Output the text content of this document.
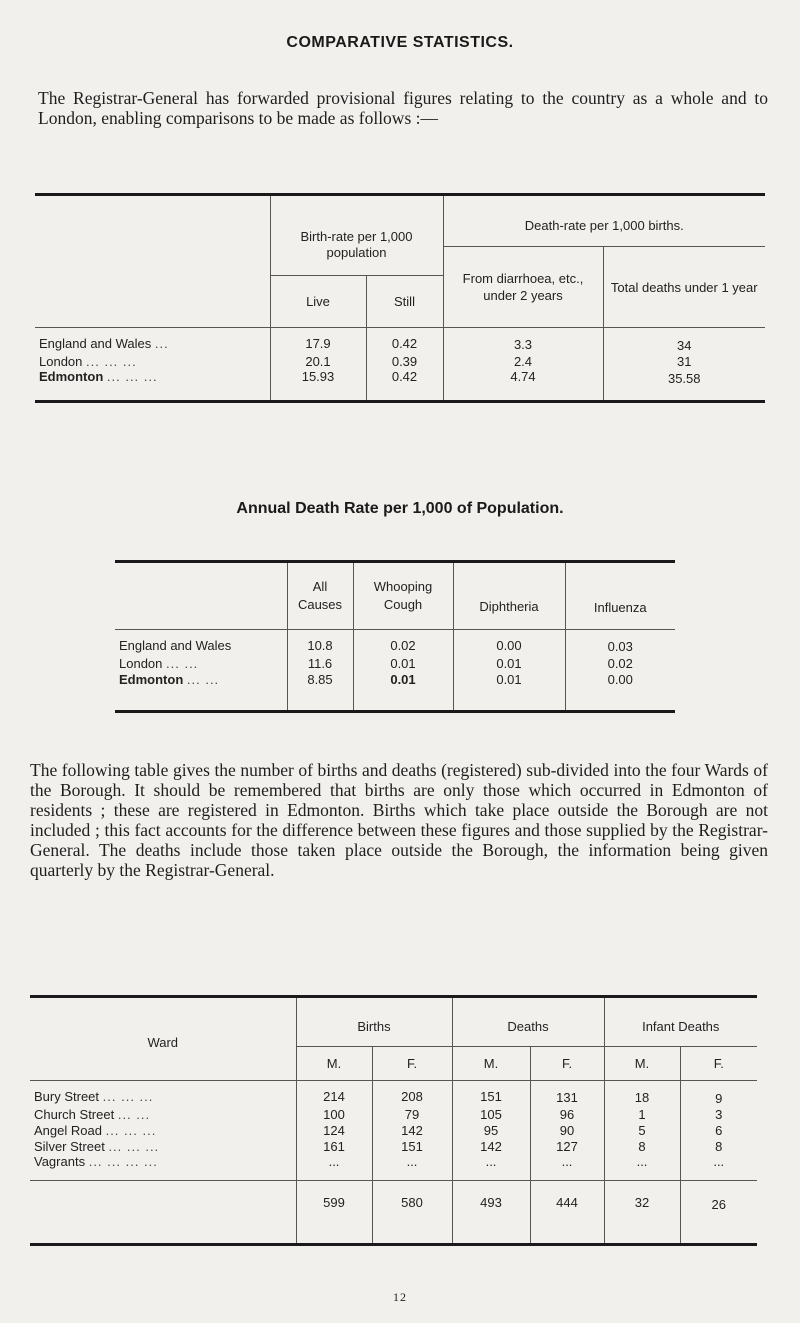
COMPARATIVE STATISTICS.

The Registrar-General has forwarded provisional figures relating to the country as a whole and to London, enabling comparisons to be made as follows :—

	Birth-rate per 1,000 population		Death-rate per 1,000 births.	
			From diarrhoea, etc., under 2 years	Total deaths under 1 year
	Live	Still		
England and Wales ...	17.9	0.42	3.3	34
London ... ... ...	20.1	0.39	2.4	31
Edmonton ... ... ...	15.93	0.42	4.74	35.58
Annual Death Rate per 1,000 of Population.
	All Causes	Whooping Cough	Diphtheria	Influenza
England and Wales	10.8	0.02	0.00	0.03
London ... ...	11.6	0.01	0.01	0.02
Edmonton ... ...	8.85	0.01	0.01	0.00

The following table gives the number of births and deaths (registered) sub-divided into the four Wards of the Borough. It should be remembered that births are only those which occurred in Edmonton of residents ; these are registered in Edmonton. Births which take place outside the Borough are not included ; this fact accounts for the difference between these figures and those supplied by the Registrar-General. The deaths include those taken place outside the Borough, the information being given quarterly by the Registrar-General.

Ward	Births		Deaths		Infant Deaths	
	M.	F.	M.	F.	M.	F.
Bury Street ... ... ...	214	208	151	131	18	9
Church Street ... ...	100	79	105	96	1	3
Angel Road ... ... ...	124	142	95	90	5	6
Silver Street ... ... ...	161	151	142	127	8	8
Vagrants ... ... ... ...	...	...	...	...	...	...
	599	580	493	444	32	26
12
